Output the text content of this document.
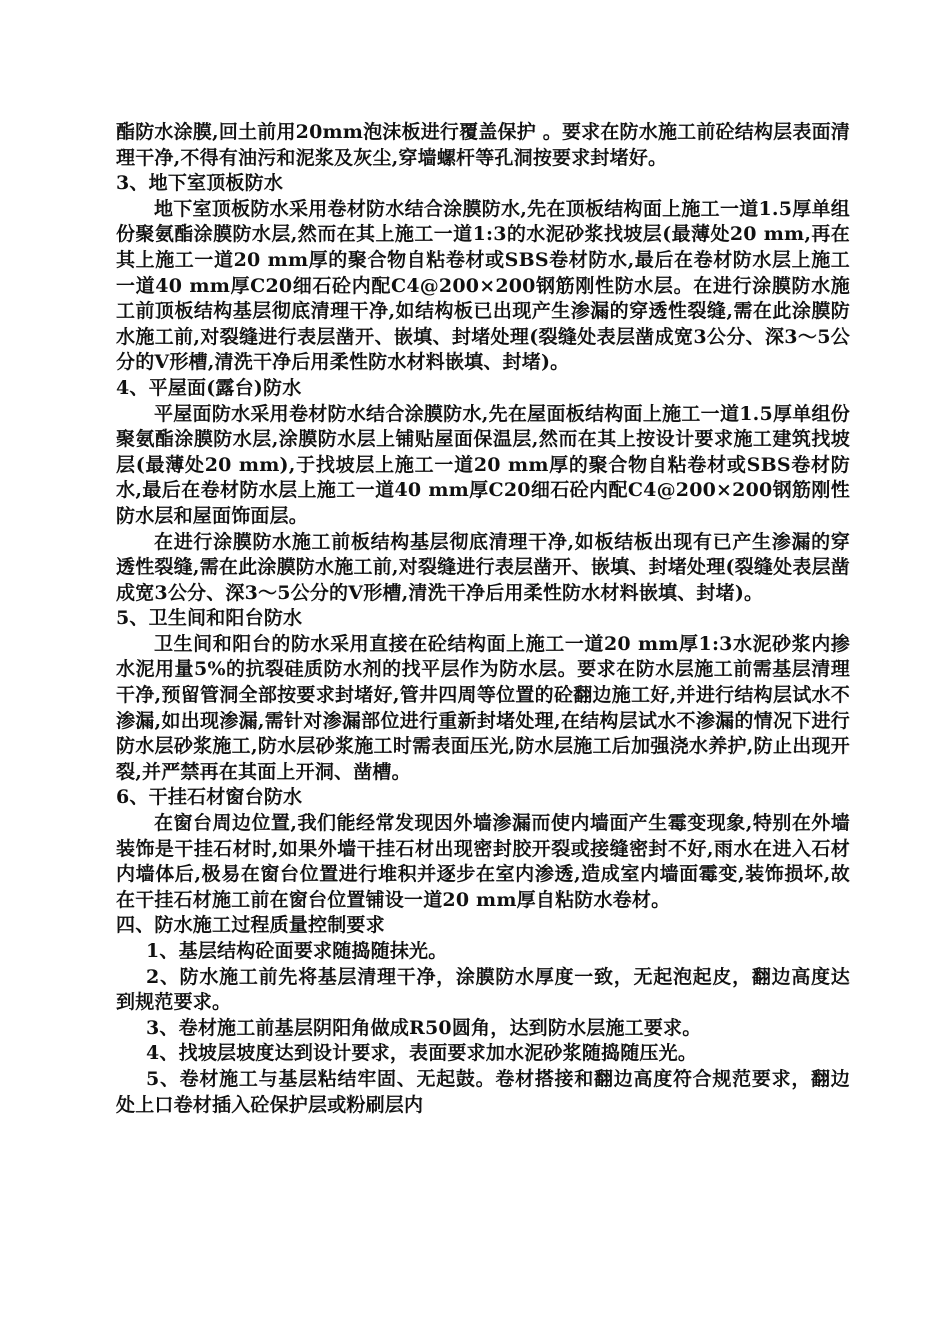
酯防水涂膜,回土前用20mm泡沫板进行覆盖保护 。要求在防水施工前砼结构层表面清理干净,不得有油污和泥浆及灰尘,穿墙螺杆等孔洞按要求封堵好。

3、地下室顶板防水

地下室顶板防水采用卷材防水结合涂膜防水,先在顶板结构面上施工一道1.5厚单组份聚氨酯涂膜防水层,然而在其上施工一道1:3的水泥砂浆找坡层(最薄处20 mm,再在其上施工一道20 mm厚的聚合物自粘卷材或SBS卷材防水,最后在卷材防水层上施工一道40 mm厚C20细石砼内配Ⅽ4@200×200钢筋刚性防水层。在进行涂膜防水施工前顶板结构基层彻底清理干净,如结构板已出现产生渗漏的穿透性裂缝,需在此涂膜防水施工前,对裂缝进行表层凿开、嵌填、封堵处理(裂缝处表层凿成宽3公分、深3～5公分的V形槽,清洗干净后用柔性防水材料嵌填、封堵)。

4、平屋面(露台)防水

平屋面防水采用卷材防水结合涂膜防水,先在屋面板结构面上施工一道1.5厚单组份聚氨酯涂膜防水层,涂膜防水层上铺贴屋面保温层,然而在其上按设计要求施工建筑找坡层(最薄处20 mm),于找坡层上施工一道20 mm厚的聚合物自粘卷材或SBS卷材防水,最后在卷材防水层上施工一道40 mm厚C20细石砼内配Ⅽ4@200×200钢筋刚性防水层和屋面饰面层。

在进行涂膜防水施工前板结构基层彻底清理干净,如板结板出现有已产生渗漏的穿透性裂缝,需在此涂膜防水施工前,对裂缝进行表层凿开、嵌填、封堵处理(裂缝处表层凿成宽3公分、深3～5公分的V形槽,清洗干净后用柔性防水材料嵌填、封堵)。

5、卫生间和阳台防水

卫生间和阳台的防水采用直接在砼结构面上施工一道20 mm厚1:3水泥砂浆内掺水泥用量5%的抗裂硅质防水剂的找平层作为防水层。要求在防水层施工前需基层清理干净,预留管洞全部按要求封堵好,管井四周等位置的砼翻边施工好,并进行结构层试水不渗漏,如出现渗漏,需针对渗漏部位进行重新封堵处理,在结构层试水不渗漏的情况下进行防水层砂浆施工,防水层砂浆施工时需表面压光,防水层施工后加强浇水养护,防止出现开裂,并严禁再在其面上开洞、凿槽。

6、干挂石材窗台防水

在窗台周边位置,我们能经常发现因外墙渗漏而使内墙面产生霉变现象,特别在外墙装饰是干挂石材时,如果外墙干挂石材出现密封胶开裂或接缝密封不好,雨水在进入石材内墙体后,极易在窗台位置进行堆积并逐步在室内渗透,造成室内墙面霉变,装饰损坏,故在干挂石材施工前在窗台位置铺设一道20 mm厚自粘防水卷材。

四、防水施工过程质量控制要求

1、基层结构砼面要求随捣随抹光。

2、防水施工前先将基层清理干净，涂膜防水厚度一致，无起泡起皮，翻边高度达到规范要求。

3、卷材施工前基层阴阳角做成R50圆角，达到防水层施工要求。

4、找坡层坡度达到设计要求，表面要求加水泥砂浆随捣随压光。

5、卷材施工与基层粘结牢固、无起鼓。卷材搭接和翻边高度符合规范要求，翻边处上口卷材插入砼保护层或粉刷层内
